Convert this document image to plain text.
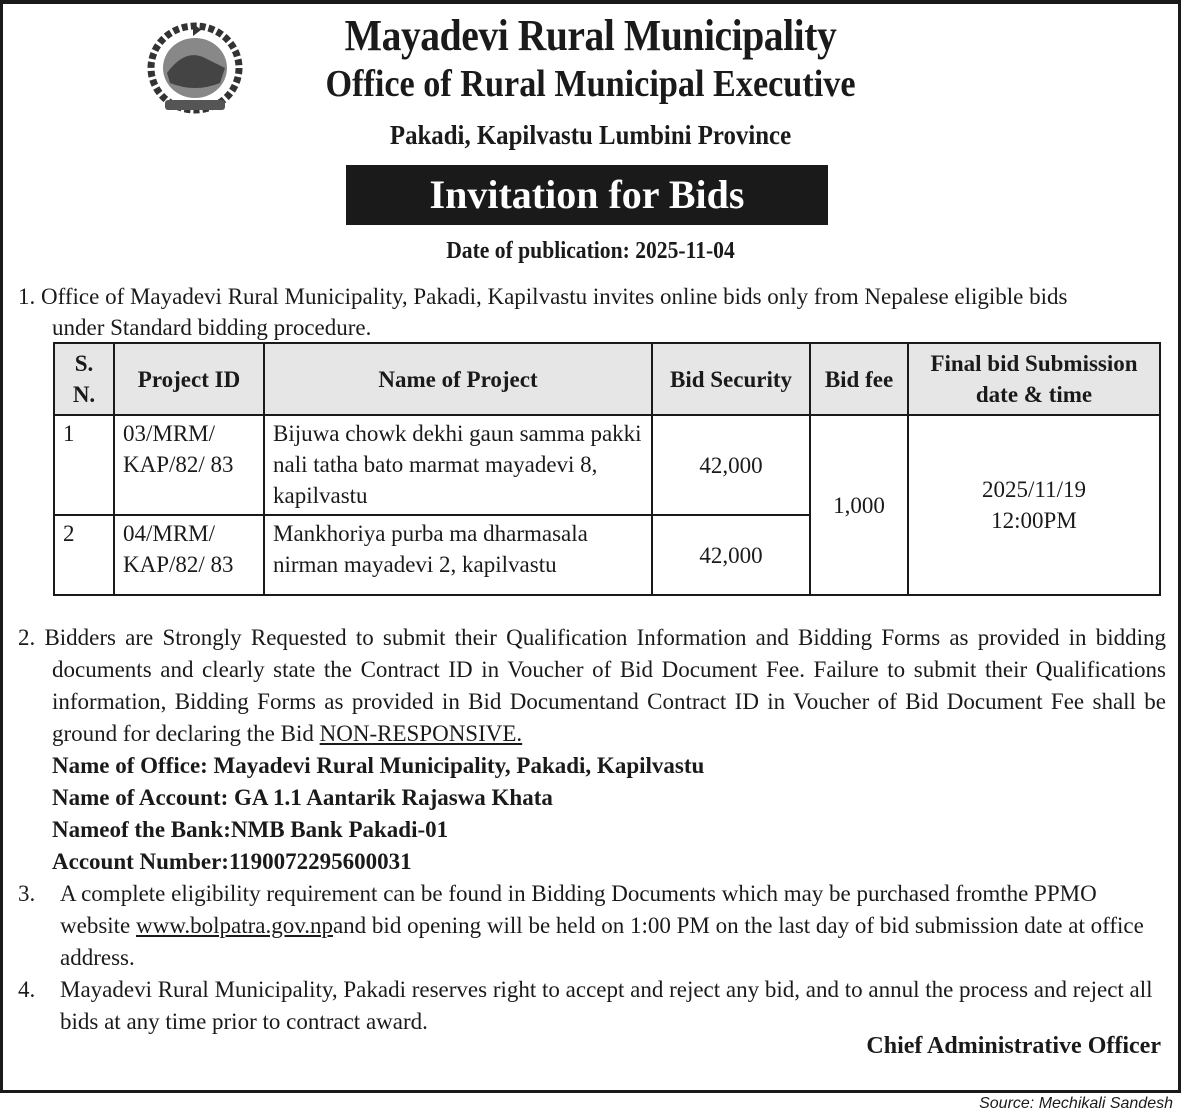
Mayadevi Rural Municipality
Office of Rural Municipal Executive
Pakadi, Kapilvastu Lumbini Province
Invitation for Bids
Date of publication: 2025-11-04
1. Office of Mayadevi Rural Municipality, Pakadi, Kapilvastu invites online bids only from Nepalese eligible bids
under Standard bidding procedure.
S. N.	Project ID	Name of Project	Bid Security	Bid fee	Final bid Submission date & time
1	03/MRM/ KAP/82/ 83	Bijuwa chowk dekhi gaun samma pakki nali tatha bato marmat mayadevi 8, kapilvastu	42,000	1,000	2025/11/19
12:00PM

2	04/MRM/ KAP/82/ 83	Mankhoriya purba ma dharmasala nirman mayadevi 2, kapilvastu	42,000		
2. Bidders are Strongly Requested to submit their Qualification Information and Bidding Forms as provided in bidding documents and clearly state the Contract ID in Voucher of Bid Document Fee. Failure to submit their Qualifications information, Bidding Forms as provided in Bid Documentand Contract ID in Voucher of Bid Document Fee shall be ground for declaring the Bid NON-RESPONSIVE.
Name of Office: Mayadevi Rural Municipality, Pakadi, Kapilvastu
Name of Account: GA 1.1 Aantarik Rajaswa Khata
Nameof the Bank:NMB Bank Pakadi-01
Account Number:1190072295600031
3. A complete eligibility requirement can be found in Bidding Documents which may be purchased fromthe PPMO website www.bolpatra.gov.npand bid opening will be held on 1:00 PM on the last day of bid submission date at office address.
4. Mayadevi Rural Municipality, Pakadi reserves right to accept and reject any bid, and to annul the process and reject all bids at any time prior to contract award.
Chief Administrative Officer
Source: Mechikali Sandesh
